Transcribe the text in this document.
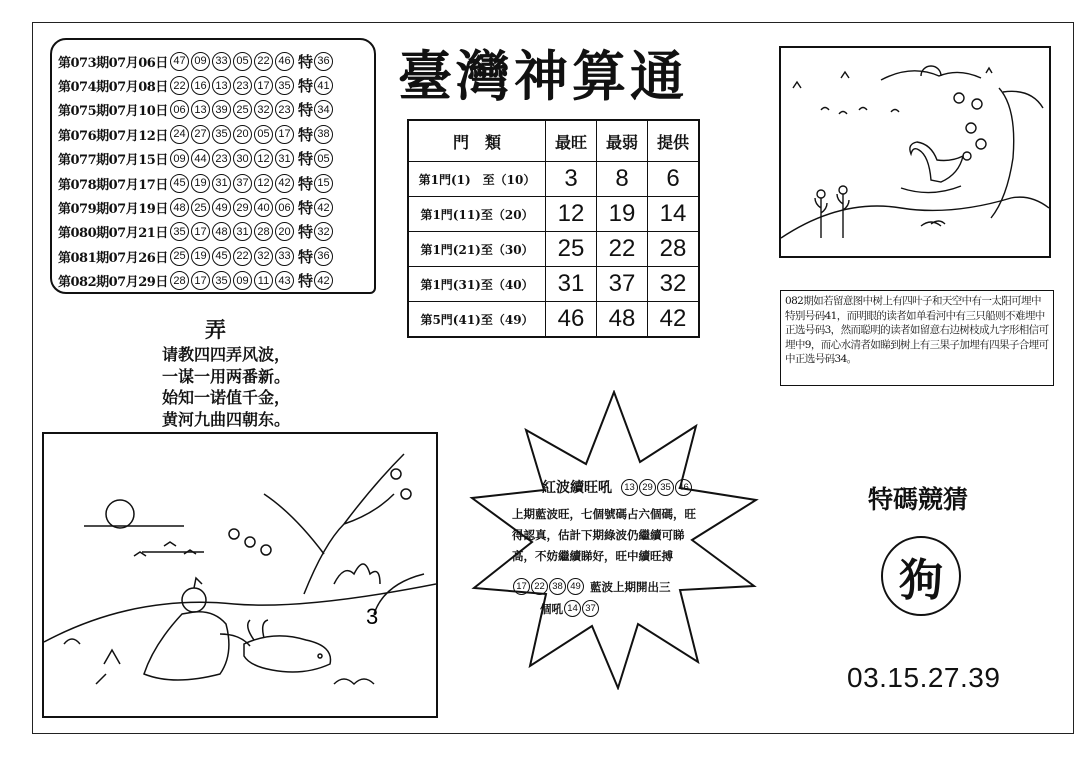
第073期07月06日 47 09 33 05 22 46 特 36
第074期07月08日 22 16 13 23 17 35 特 41
第075期07月10日 06 13 39 25 32 23 特 34
第076期07月12日 24 27 35 20 05 17 特 38
第077期07月15日 09 44 23 30 12 31 特 05
第078期07月17日 45 19 31 37 12 42 特 15
第079期07月19日 48 25 49 29 40 06 特 42
第080期07月21日 35 17 48 31 28 20 特 32
第081期07月26日 25 19 45 22 32 33 特 36
第082期07月29日 28 17 35 09 11 43 特 42
臺灣神算通
門　類	最旺	最弱	提供
第1門(1)　至（10）	3	8	6
第1門(11)至（20）	12	19	14
第1門(21)至（30）	25	22	28
第1門(31)至（40）	31	37	32
第5門(41)至（49）	46	48	42
弄
请教四四弄风波，
一谋一用两番新。
始知一诺值千金，
黄河九曲四朝东。
082期如若留意图中树上有四叶子和天空中有一太阳可埋中特别号码41，而明眼的读者如单看河中有三只船则不难埋中正选号码3，然而聪明的读者如留意右边树枝成九字形相信可埋中9，而心水清者如睇到树上有三果子加埋有四果子合埋可中正选号码34。
3
紅波續旺吼	13 29 35 46
上期藍波旺，七個號碼占六個碼，旺得認真，估計下期綠波仍繼續可睇高，不妨繼續睇好，旺中續旺搏
17 22 38 49 藍波上期開出三
個吼 14 37
特碼競猜
狗
03.15.27.39
